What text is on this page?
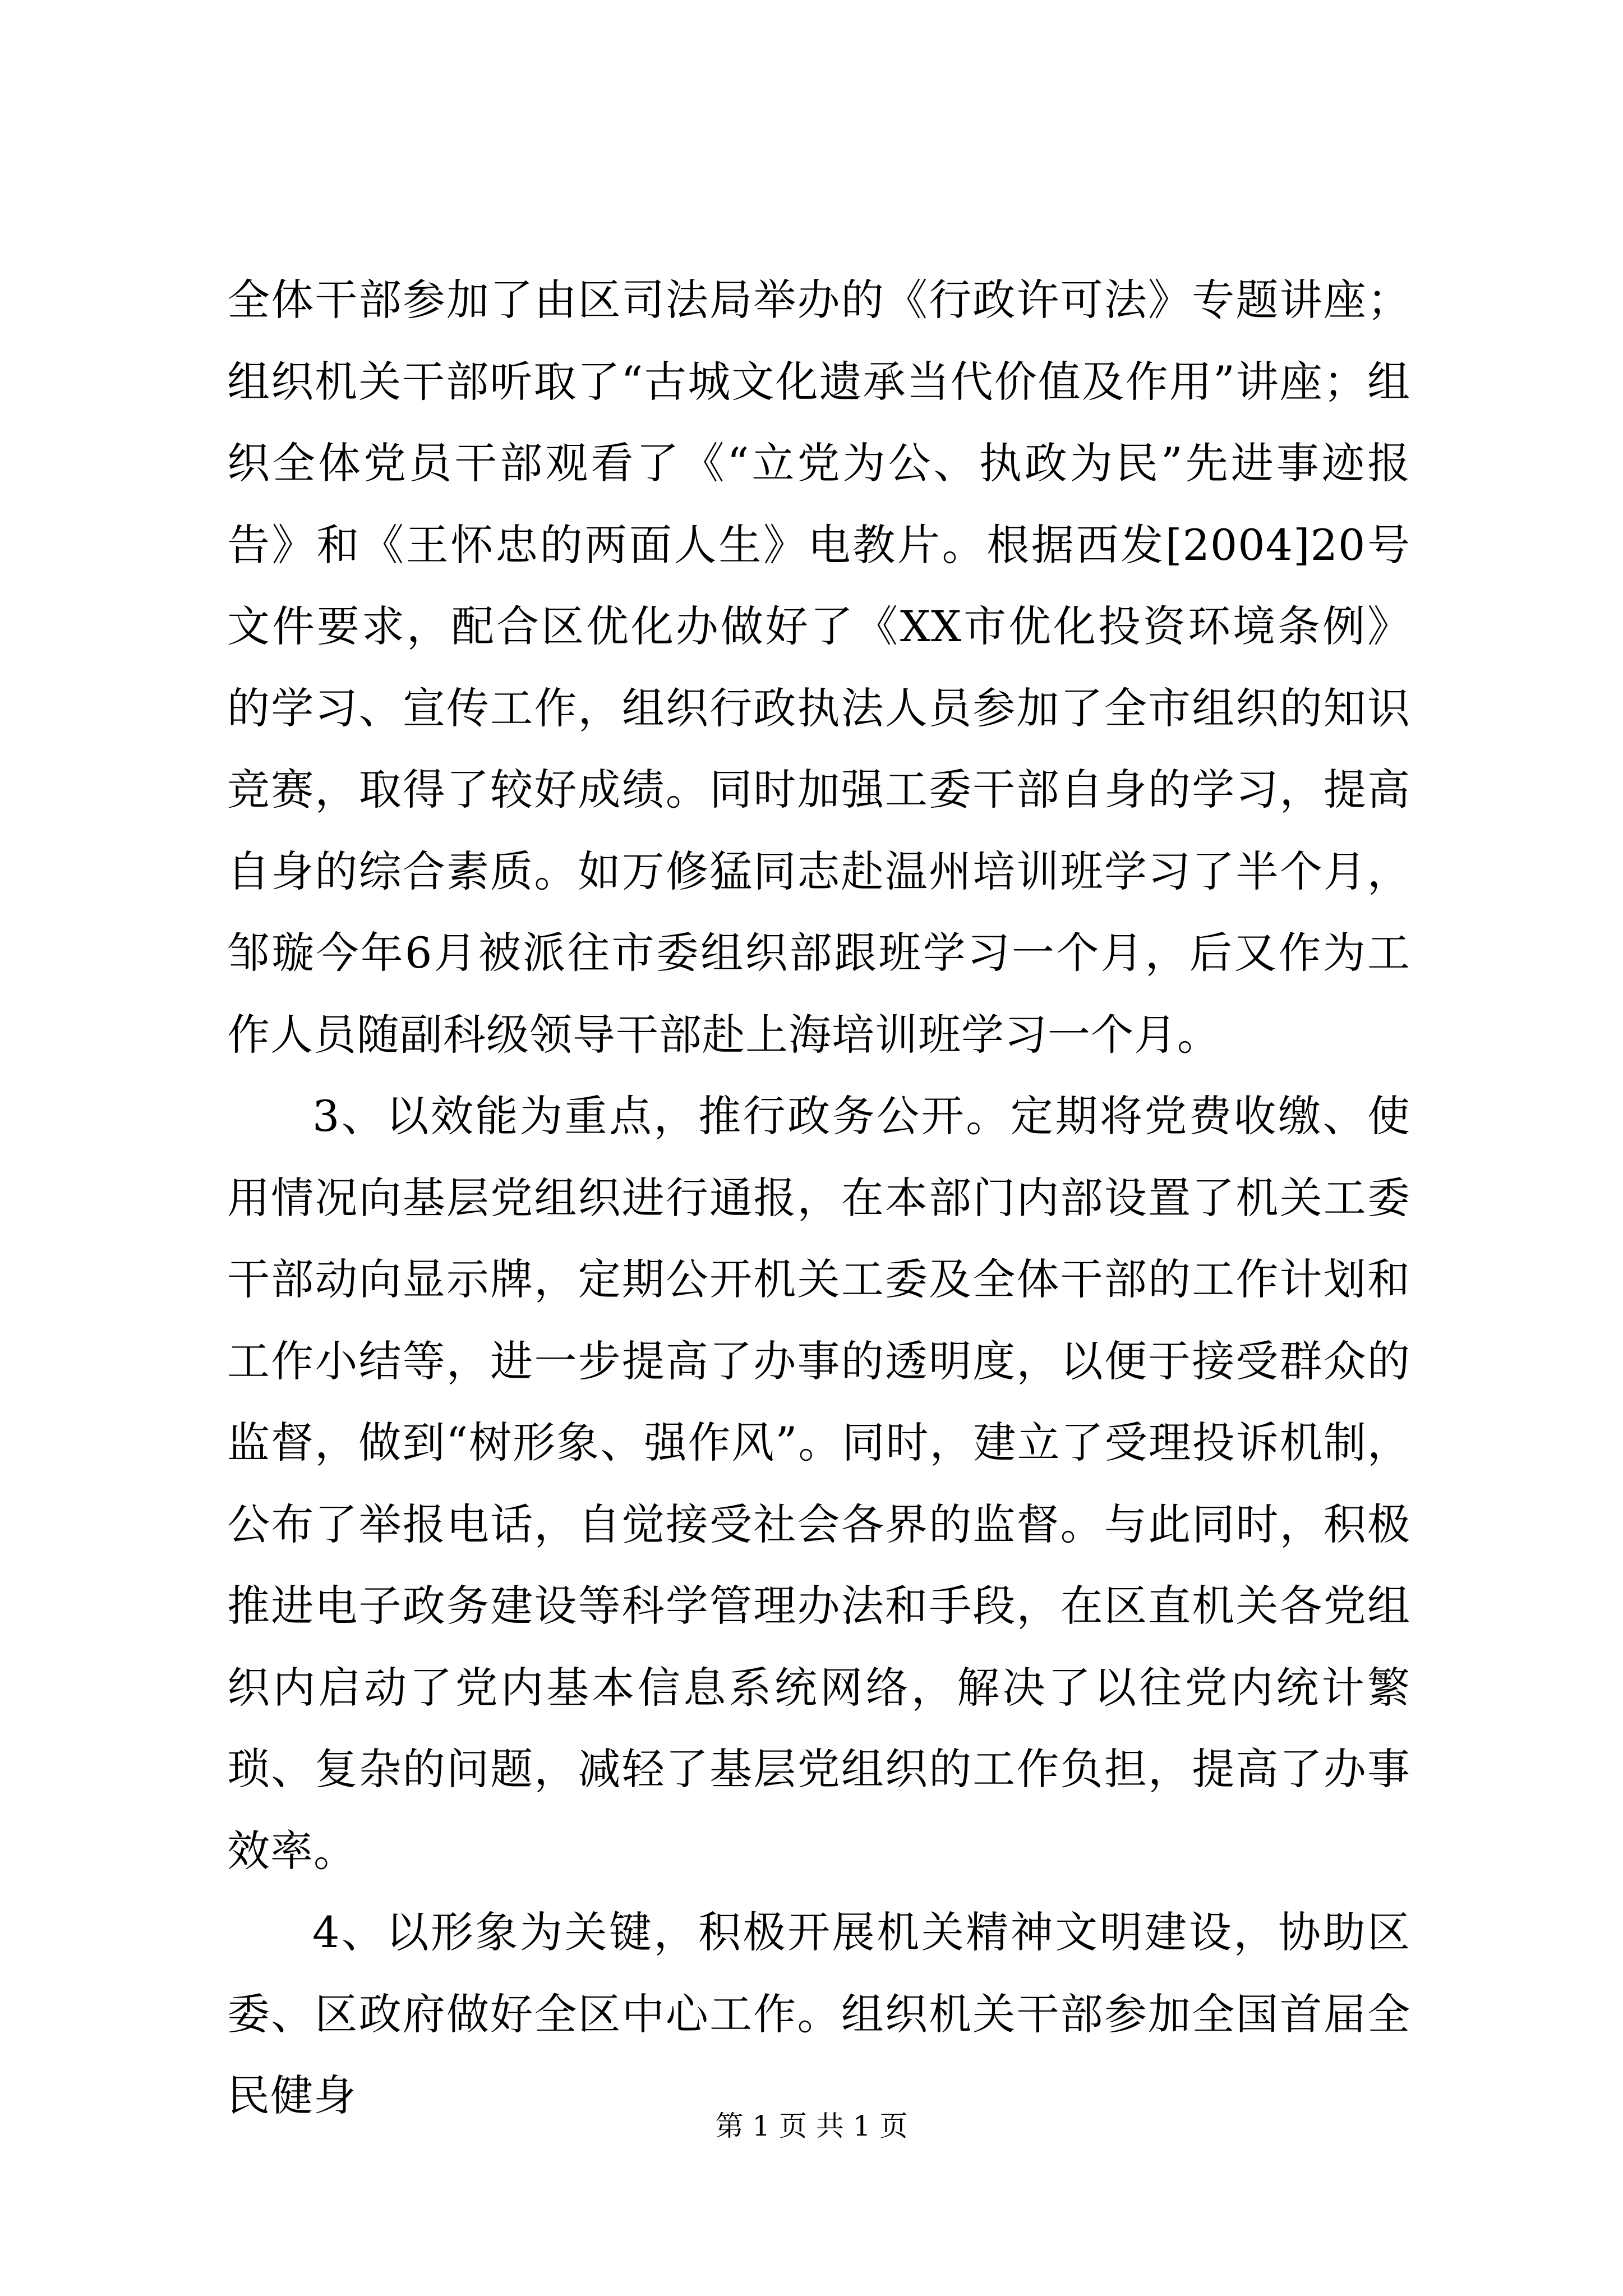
全体干部参加了由区司法局举办的《行政许可法》专题讲座；组织机关干部听取了“古城文化遗承当代价值及作用”讲座；组织全体党员干部观看了《“立党为公、执政为民”先进事迹报告》和《王怀忠的两面人生》电教片。根据西发[2004]20号文件要求，配合区优化办做好了《XX市优化投资环境条例》的学习、宣传工作，组织行政执法人员参加了全市组织的知识竞赛，取得了较好成绩。同时加强工委干部自身的学习，提高自身的综合素质。如万修猛同志赴温州培训班学习了半个月，邹璇今年6月被派往市委组织部跟班学习一个月，后又作为工作人员随副科级领导干部赴上海培训班学习一个月。

3、以效能为重点，推行政务公开。定期将党费收缴、使用情况向基层党组织进行通报，在本部门内部设置了机关工委干部动向显示牌，定期公开机关工委及全体干部的工作计划和工作小结等，进一步提高了办事的透明度，以便于接受群众的监督，做到“树形象、强作风”。同时，建立了受理投诉机制，公布了举报电话，自觉接受社会各界的监督。与此同时，积极推进电子政务建设等科学管理办法和手段，在区直机关各党组织内启动了党内基本信息系统网络，解决了以往党内统计繁琐、复杂的问题，减轻了基层党组织的工作负担，提高了办事效率。

4、以形象为关键，积极开展机关精神文明建设，协助区委、区政府做好全区中心工作。组织机关干部参加全国首届全民健身

第 1 页 共 1 页
